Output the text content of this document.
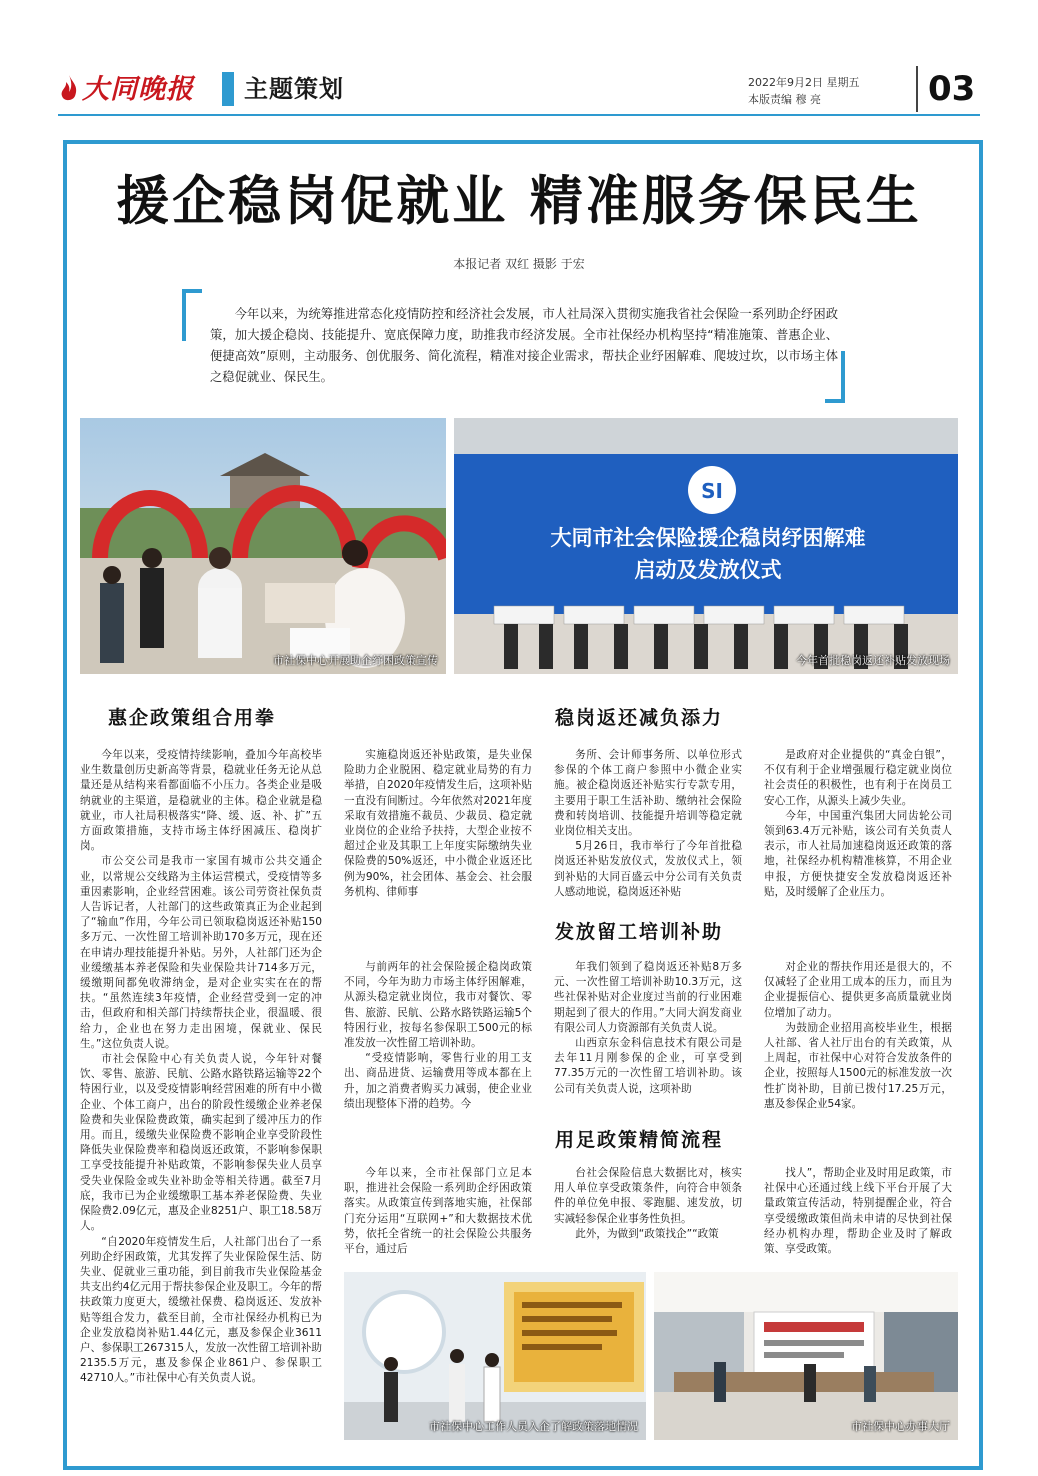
大同晚报	主题策划	2022年9月2日 星期五
本版责编 穆 亮	03
援企稳岗促就业 精准服务保民生
本报记者 双红 摄影 于宏
今年以来，为统筹推进常态化疫情防控和经济社会发展，市人社局深入贯彻实施我省社会保险一系列助企纾困政策，加大援企稳岗、技能提升、宽底保障力度，助推我市经济发展。全市社保经办机构坚持“精准施策、普惠企业、便捷高效”原则，主动服务、创优服务、简化流程，精准对接企业需求，帮扶企业纾困解难、爬坡过坎，以市场主体之稳促就业、保民生。
市社保中心开展助企纾困政策宣传
SI
大同市社会保险援企稳岗纾困解难
启动及发放仪式
今年首批稳岗返还补贴发放现场
惠企政策组合用拳	稳岗返还减负添力
发放留工培训补助
用足政策精简流程

今年以来，受疫情持续影响，叠加今年高校毕业生数量创历史新高等背景，稳就业任务无论从总量还是从结构来看都面临不小压力。各类企业是吸纳就业的主渠道，是稳就业的主体。稳企业就是稳就业，市人社局积极落实“降、缓、返、补、扩”五方面政策措施，支持市场主体纾困减压、稳岗扩岗。

市公交公司是我市一家国有城市公共交通企业，以常规公交线路为主体运营模式，受疫情等多重因素影响，企业经营困难。该公司劳资社保负责人告诉记者，人社部门的这些政策真正为企业起到了“输血”作用，今年公司已领取稳岗返还补贴150多万元、一次性留工培训补助170多万元，现在还在申请办理技能提升补贴。另外，人社部门还为企业缓缴基本养老保险和失业保险共计714多万元，缓缴期间都免收滞纳金，是对企业实实在在的帮扶。“虽然连续3年疫情，企业经营受到一定的冲击，但政府和相关部门持续帮扶企业，很温暖、很给力，企业也在努力走出困境，保就业、保民生。”这位负责人说。

市社会保险中心有关负责人说，今年针对餐饮、零售、旅游、民航、公路水路铁路运输等22个特困行业，以及受疫情影响经营困难的所有中小微企业、个体工商户，出台的阶段性缓缴企业养老保险费和失业保险费政策，确实起到了缓冲压力的作用。而且，缓缴失业保险费不影响企业享受阶段性降低失业保险费率和稳岗返还政策，不影响参保职工享受技能提升补贴政策，不影响参保失业人员享受失业保险金或失业补助金等相关待遇。截至7月底，我市已为企业缓缴职工基本养老保险费、失业保险费2.09亿元，惠及企业8251户、职工18.58万人。

“自2020年疫情发生后，人社部门出台了一系列助企纾困政策，尤其发挥了失业保险保生活、防失业、促就业三重功能，到目前我市失业保险基金共支出约4亿元用于帮扶参保企业及职工。今年的帮扶政策力度更大，缓缴社保费、稳岗返还、发放补贴等组合发力，截至目前，全市社保经办机构已为企业发放稳岗补贴1.44亿元，惠及参保企业3611户、参保职工267315人，发放一次性留工培训补助2135.5万元，惠及参保企业861户、参保职工42710人。”市社保中心有关负责人说。

实施稳岗返还补贴政策，是失业保险助力企业脱困、稳定就业局势的有力举措，自2020年疫情发生后，这项补贴一直没有间断过。今年依然对2021年度采取有效措施不裁员、少裁员、稳定就业岗位的企业给予扶持，大型企业按不超过企业及其职工上年度实际缴纳失业保险费的50%返还，中小微企业返还比例为90%，社会团体、基金会、社会服务机构、律师事

务所、会计师事务所、以单位形式参保的个体工商户参照中小微企业实施。被企稳岗返还补贴实行专款专用，主要用于职工生活补助、缴纳社会保险费和转岗培训、技能提升培训等稳定就业岗位相关支出。

5月26日，我市举行了今年首批稳岗返还补贴发放仪式，发放仪式上，领到补贴的大同百盛云中分公司有关负责人感动地说，稳岗返还补贴

是政府对企业提供的“真金白银”，不仅有利于企业增强履行稳定就业岗位社会责任的积极性，也有利于在岗员工安心工作，从源头上减少失业。

今年，中国重汽集团大同齿轮公司领到63.4万元补贴，该公司有关负责人表示，市人社局加速稳岗返还政策的落地，社保经办机构精准核算，不用企业申报，方便快捷安全发放稳岗返还补贴，及时缓解了企业压力。

与前两年的社会保险援企稳岗政策不同，今年为助力市场主体纾困解难，从源头稳定就业岗位，我市对餐饮、零售、旅游、民航、公路水路铁路运输5个特困行业，按每名参保职工500元的标准发放一次性留工培训补助。

“受疫情影响，零售行业的用工支出、商品进货、运输费用等成本都在上升，加之消费者购买力减弱，使企业业绩出现整体下滑的趋势。今

年我们领到了稳岗返还补贴8万多元、一次性留工培训补助10.3万元，这些社保补贴对企业度过当前的行业困难期起到了很大的作用。”大同大润发商业有限公司人力资源部有关负责人说。

山西京东金科信息技术有限公司是去年11月刚参保的企业，可享受到77.35万元的一次性留工培训补助。该公司有关负责人说，这项补助

对企业的帮扶作用还是很大的，不仅减轻了企业用工成本的压力，而且为企业提振信心、提供更多高质量就业岗位增加了动力。

为鼓励企业招用高校毕业生，根据人社部、省人社厅出台的有关政策，从上周起，市社保中心对符合发放条件的企业，按照每人1500元的标准发放一次性扩岗补助，目前已拨付17.25万元，惠及参保企业54家。

今年以来，全市社保部门立足本职，推进社会保险一系列助企纾困政策落实。从政策宣传到落地实施，社保部门充分运用“互联网+”和大数据技术优势，依托全省统一的社会保险公共服务平台，通过后

台社会保险信息大数据比对，核实用人单位享受政策条件，向符合申领条件的单位免申报、零跑腿、速发放，切实减轻参保企业事务性负担。

此外，为做到“政策找企”“政策

找人”，帮助企业及时用足政策，市社保中心还通过线上线下平台开展了大量政策宣传活动，特别提醒企业，符合享受缓缴政策但尚未申请的尽快到社保经办机构办理，帮助企业及时了解政策、享受政策。

市社保中心工作人员入企了解政策落地情况	市社保中心办事大厅
